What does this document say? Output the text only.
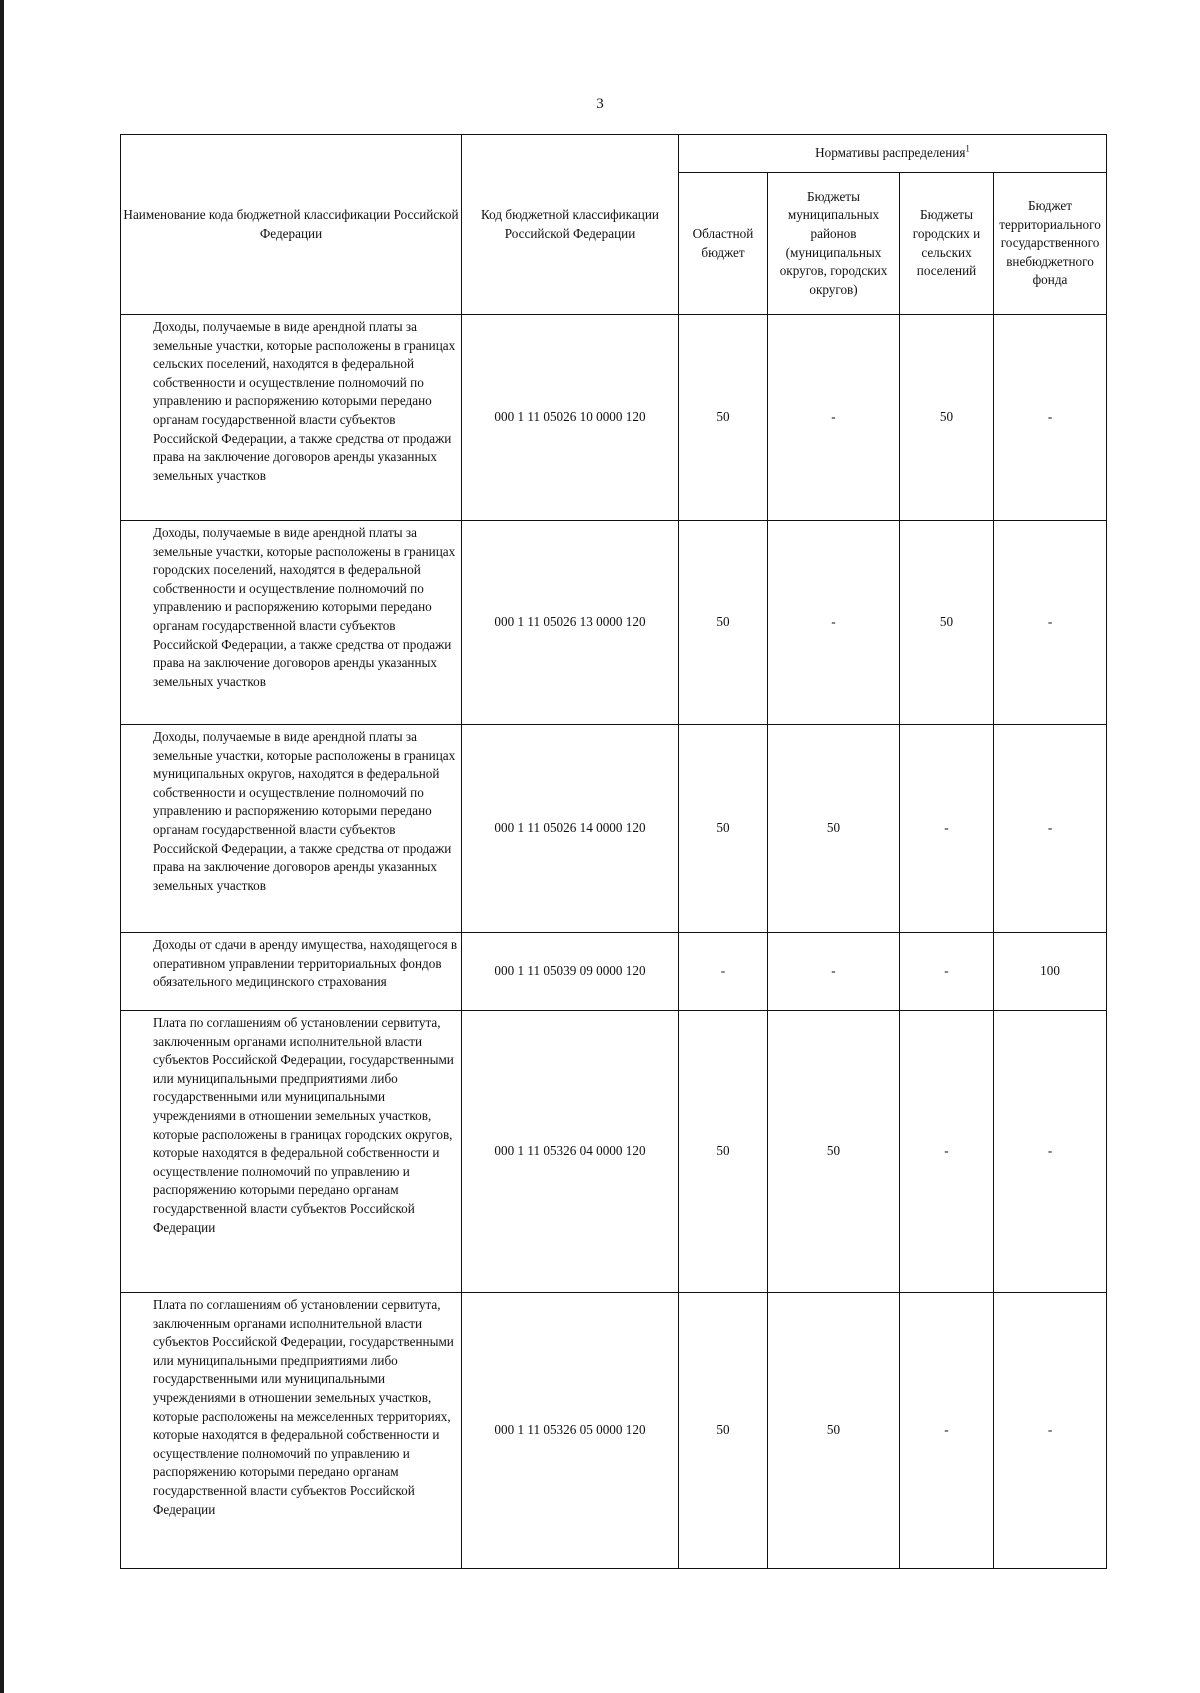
3
Наименование кода бюджетной классификации Российской Федерации	Код бюджетной классификации Российской Федерации	Нормативы распределения$^1$
		Областной бюджет	Бюджеты муниципальных районов (муниципальных округов, городских округов)	Бюджеты городских и сельских поселений	Бюджет территориального государственного внебюджетного фонда
Доходы, получаемые в виде арендной платы за земельные участки, которые расположены в границах сельских поселений, находятся в федеральной собственности и осуществление полномочий по управлению и распоряжению которыми передано органам государственной власти субъектов Российской Федерации, а также средства от продажи права на заключение договоров аренды указанных земельных участков	000 1 11 05026 10 0000 120	50	-	50	-
Доходы, получаемые в виде арендной платы за земельные участки, которые расположены в границах городских поселений, находятся в федеральной собственности и осуществление полномочий по управлению и распоряжению которыми передано органам государственной власти субъектов Российской Федерации, а также средства от продажи права на заключение договоров аренды указанных земельных участков	000 1 11 05026 13 0000 120	50	-	50	-
Доходы, получаемые в виде арендной платы за земельные участки, которые расположены в границах муниципальных округов, находятся в федеральной собственности и осуществление полномочий по управлению и распоряжению которыми передано органам государственной власти субъектов Российской Федерации, а также средства от продажи права на заключение договоров аренды указанных земельных участков	000 1 11 05026 14 0000 120	50	50	-	-
Доходы от сдачи в аренду имущества, находящегося в оперативном управлении территориальных фондов обязательного медицинского страхования	000 1 11 05039 09 0000 120	-	-	-	100
Плата по соглашениям об установлении сервитута, заключенным органами исполнительной власти субъектов Российской Федерации, государственными или муниципальными предприятиями либо государственными или муниципальными учреждениями в отношении земельных участков, которые расположены в границах городских округов, которые находятся в федеральной собственности и осуществление полномочий по управлению и распоряжению которыми передано органам государственной власти субъектов Российской Федерации	000 1 11 05326 04 0000 120	50	50	-	-
Плата по соглашениям об установлении сервитута, заключенным органами исполнительной власти субъектов Российской Федерации, государственными или муниципальными предприятиями либо государственными или муниципальными учреждениями в отношении земельных участков, которые расположены на межселенных территориях, которые находятся в федеральной собственности и осуществление полномочий по управлению и распоряжению которыми передано органам государственной власти субъектов Российской Федерации	000 1 11 05326 05 0000 120	50	50	-	-
